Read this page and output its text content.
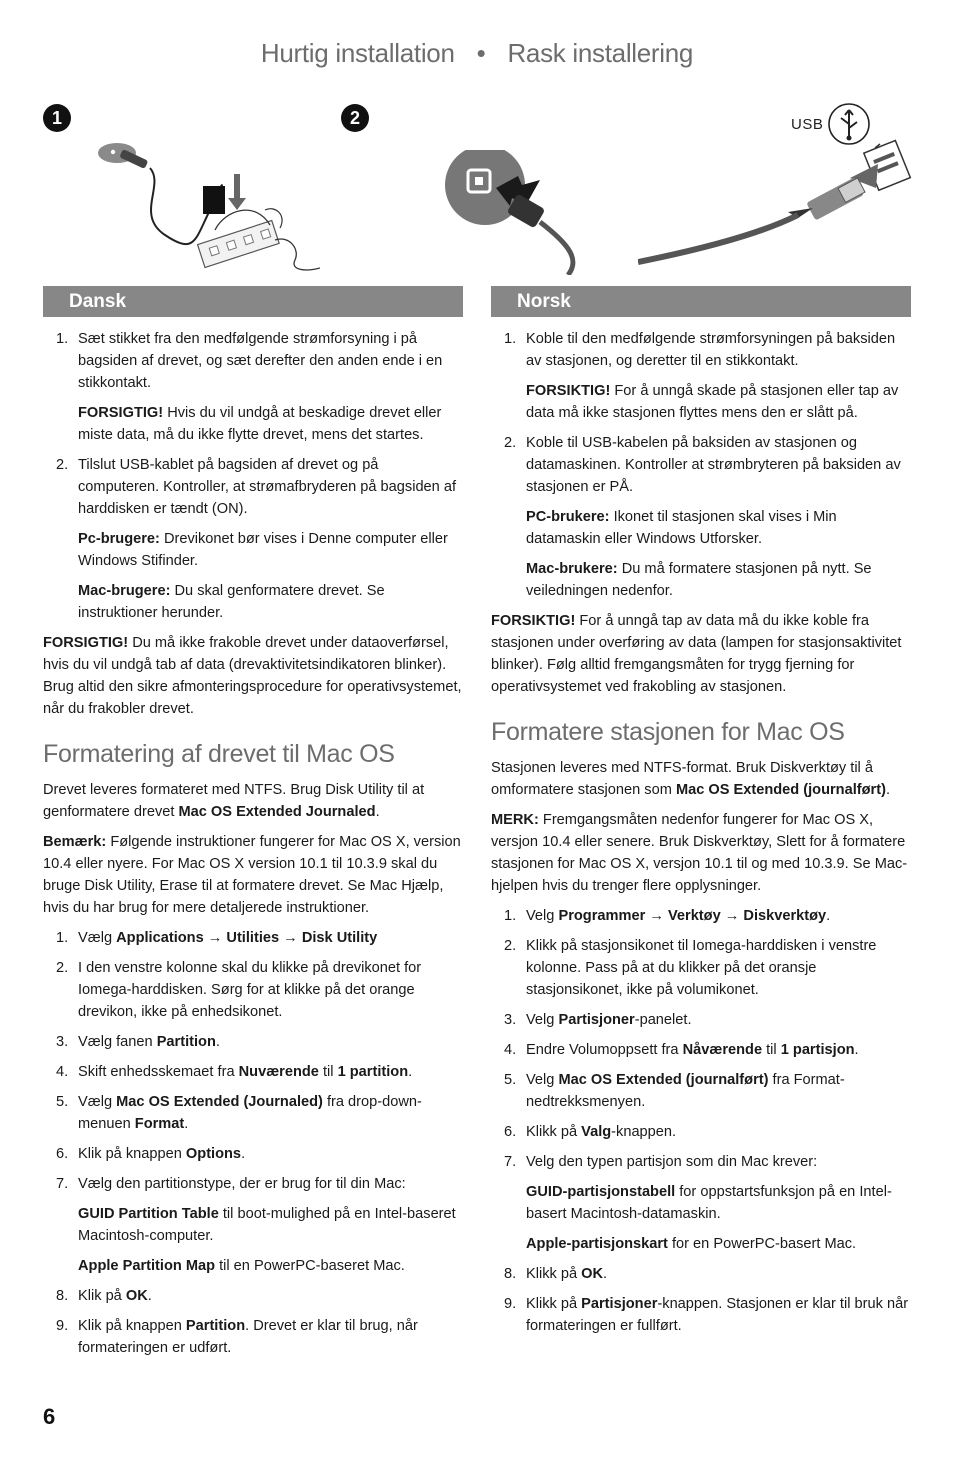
Hurtig installation • Rask installering
1	2	USB
Dansk
1. Sæt stikket fra den medfølgende strømforsyning i på bagsiden af drevet, og sæt derefter den anden ende i en stikkontakt.
FORSIGTIG! Hvis du vil undgå at beskadige drevet eller miste data, må du ikke flytte drevet, mens det startes.
2. Tilslut USB-kablet på bagsiden af drevet og på computeren. Kontroller, at strømafbryderen på bagsiden af harddisken er tændt (ON).
Pc-brugere: Drevikonet bør vises i Denne computer eller Windows Stifinder.
Mac-brugere: Du skal genformatere drevet. Se instruktioner herunder.

FORSIGTIG! Du må ikke frakoble drevet under dataoverførsel, hvis du vil undgå tab af data (drevaktivitetsindikatoren blinker). Brug altid den sikre afmonteringsprocedure for operativsystemet, når du frakobler drevet.

Formatering af drevet til Mac OS

Drevet leveres formateret med NTFS. Brug Disk Utility til at genformatere drevet Mac OS Extended Journaled.

Bemærk: Følgende instruktioner fungerer for Mac OS X, version 10.4 eller nyere. For Mac OS X version 10.1 til 10.3.9 skal du bruge Disk Utility, Erase til at formatere drevet. Se Mac Hjælp, hvis du har brug for mere detaljerede instruktioner.

1. Vælg Applications → Utilities → Disk Utility
2. I den venstre kolonne skal du klikke på drevikonet for Iomega-harddisken. Sørg for at klikke på det orange drevikon, ikke på enhedsikonet.
3. Vælg fanen Partition.
4. Skift enhedsskemaet fra Nuværende til 1 partition.
5. Vælg Mac OS Extended (Journaled) fra drop-down-menuen Format.
6. Klik på knappen Options.
7. Vælg den partitionstype, der er brug for til din Mac:
GUID Partition Table til boot-mulighed på en Intel-baseret Macintosh-computer.
Apple Partition Map til en PowerPC-baseret Mac.
8. Klik på OK.
9. Klik på knappen Partition. Drevet er klar til brug, når formateringen er udført.
Norsk
1. Koble til den medfølgende strømforsyningen på baksiden av stasjonen, og deretter til en stikkontakt.
FORSIKTIG! For å unngå skade på stasjonen eller tap av data må ikke stasjonen flyttes mens den er slått på.
2. Koble til USB-kabelen på baksiden av stasjonen og datamaskinen. Kontroller at strømbryteren på baksiden av stasjonen er PÅ.
PC-brukere: Ikonet til stasjonen skal vises i Min datamaskin eller Windows Utforsker.
Mac-brukere: Du må formatere stasjonen på nytt. Se veiledningen nedenfor.

FORSIKTIG! For å unngå tap av data må du ikke koble fra stasjonen under overføring av data (lampen for stasjonsaktivitet blinker). Følg alltid fremgangsmåten for trygg fjerning for operativsystemet ved frakobling av stasjonen.

Formatere stasjonen for Mac OS

Stasjonen leveres med NTFS-format. Bruk Diskverktøy til å omformatere stasjonen som Mac OS Extended (journalført).

MERK: Fremgangsmåten nedenfor fungerer for Mac OS X, versjon 10.4 eller senere. Bruk Diskverktøy, Slett for å formatere stasjonen for Mac OS X, versjon 10.1 til og med 10.3.9. Se Mac-hjelpen hvis du trenger flere opplysninger.

1. Velg Programmer → Verktøy → Diskverktøy.
2. Klikk på stasjonsikonet til Iomega-harddisken i venstre kolonne. Pass på at du klikker på det oransje stasjonsikonet, ikke på volumikonet.
3. Velg Partisjoner-panelet.
4. Endre Volumoppsett fra Nåværende til 1 partisjon.
5. Velg Mac OS Extended (journalført) fra Format-nedtrekksmenyen.
6. Klikk på Valg-knappen.
7. Velg den typen partisjon som din Mac krever:
GUID-partisjonstabell for oppstartsfunksjon på en Intel-basert Macintosh-datamaskin.
Apple-partisjonskart for en PowerPC-basert Mac.
8. Klikk på OK.
9. Klikk på Partisjoner-knappen. Stasjonen er klar til bruk når formateringen er fullført.
6
